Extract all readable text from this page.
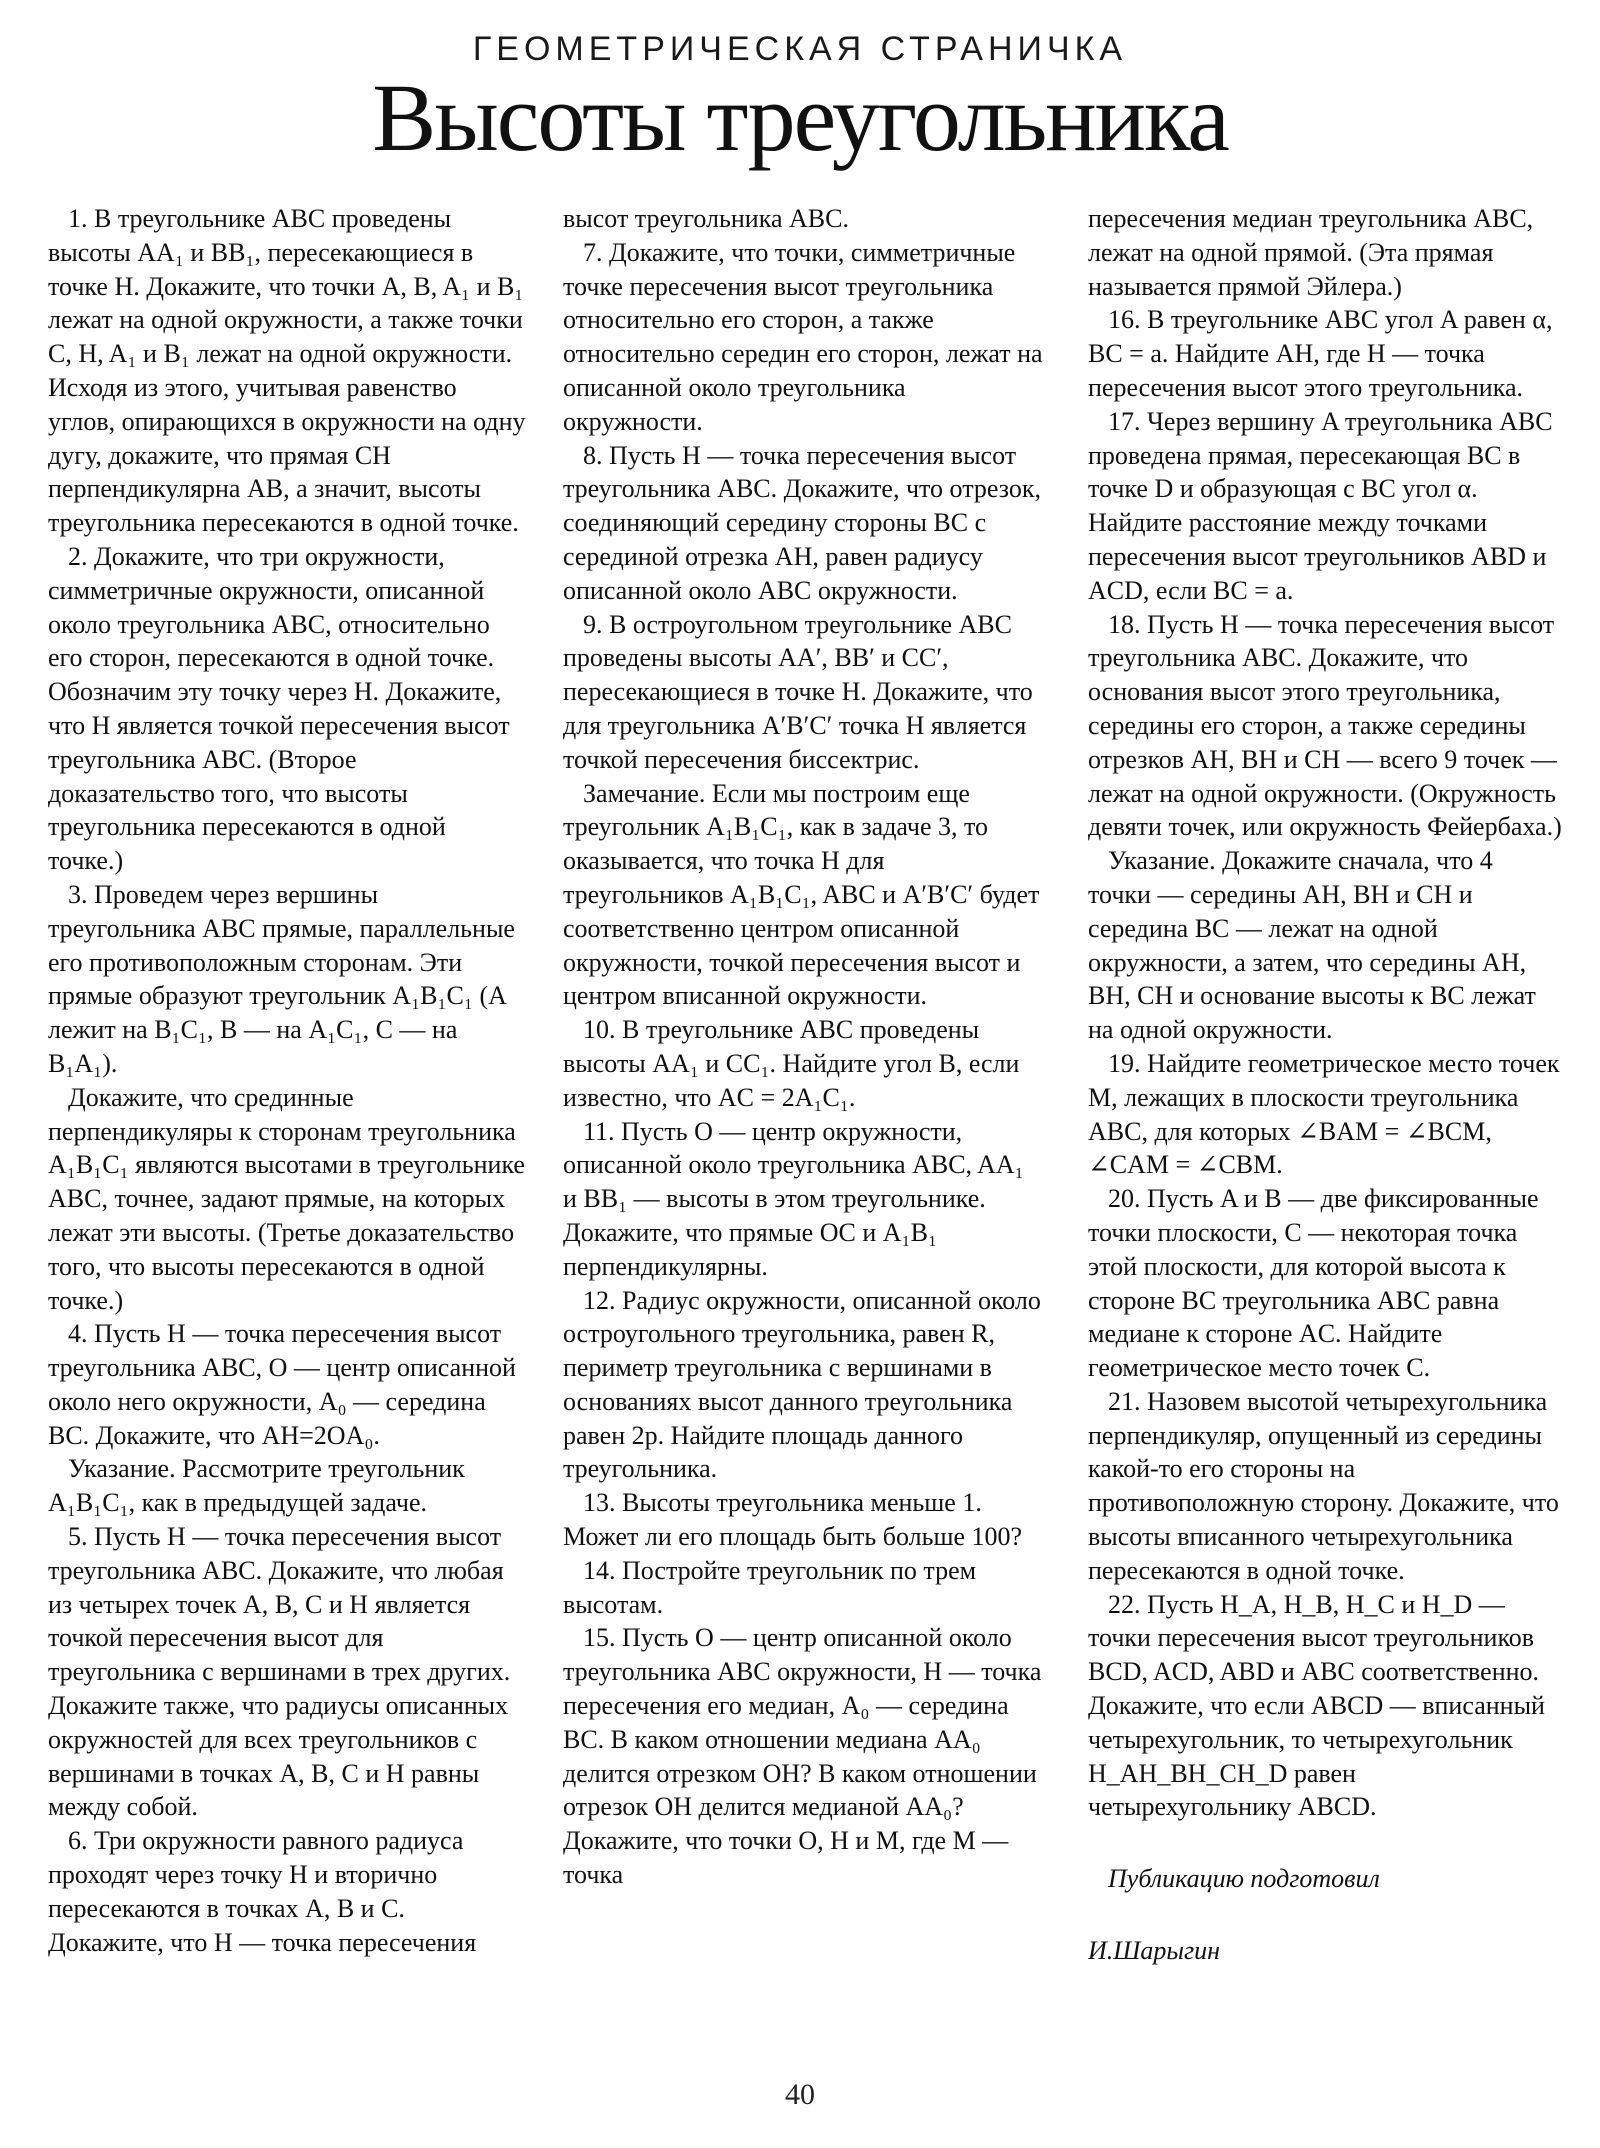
ГЕОМЕТРИЧЕСКАЯ СТРАНИЧКА
Высоты треугольника

1. В треугольнике ABC проведены высоты AA₁ и BB₁, пересекающиеся в точке H. Докажите, что точки A, B, A₁ и B₁ лежат на одной окружности, а также точки C, H, A₁ и B₁ лежат на одной окружности. Исходя из этого, учитывая равенство углов, опирающихся в окружности на одну дугу, докажите, что прямая CH перпендикулярна AB, а значит, высоты треугольника пересекаются в одной точке.

2. Докажите, что три окружности, симметричные окружности, описанной около треугольника ABC, относительно его сторон, пересекаются в одной точке. Обозначим эту точку через H. Докажите, что H является точкой пересечения высот треугольника ABC. (Второе доказательство того, что высоты треугольника пересекаются в одной точке.)

3. Проведем через вершины треугольника ABC прямые, параллельные его противоположным сторонам. Эти прямые образуют треугольник A₁B₁C₁ (A лежит на B₁C₁, B — на A₁C₁, C — на B₁A₁).

Докажите, что срединные перпендикуляры к сторонам треугольника A₁B₁C₁ являются высотами в треугольнике ABC, точнее, задают прямые, на которых лежат эти высоты. (Третье доказательство того, что высоты пересекаются в одной точке.)

4. Пусть H — точка пересечения высот треугольника ABC, O — центр описанной около него окружности, A₀ — середина BC. Докажите, что AH=2OA₀.

Указание. Рассмотрите треугольник A₁B₁C₁, как в предыдущей задаче.

5. Пусть H — точка пересечения высот треугольника ABC. Докажите, что любая из четырех точек A, B, C и H является точкой пересечения высот для треугольника с вершинами в трех других. Докажите также, что радиусы описанных окружностей для всех треугольников с вершинами в точках A, B, C и H равны между собой.

6. Три окружности равного радиуса проходят через точку H и вторично пересекаются в точках A, B и C. Докажите, что H — точка пересечения

высот треугольника ABC.

7. Докажите, что точки, симметричные точке пересечения высот треугольника относительно его сторон, а также относительно середин его сторон, лежат на описанной около треугольника окружности.

8. Пусть H — точка пересечения высот треугольника ABC. Докажите, что отрезок, соединяющий середину стороны BC с серединой отрезка AH, равен радиусу описанной около ABC окружности.

9. В остроугольном треугольнике ABC проведены высоты AA′, BB′ и CC′, пересекающиеся в точке H. Докажите, что для треугольника A′B′C′ точка H является точкой пересечения биссектрис.

Замечание. Если мы построим еще треугольник A₁B₁C₁, как в задаче 3, то оказывается, что точка H для треугольников A₁B₁C₁, ABC и A′B′C′ будет соответственно центром описанной окружности, точкой пересечения высот и центром вписанной окружности.

10. В треугольнике ABC проведены высоты AA₁ и CC₁. Найдите угол B, если известно, что AC = 2A₁C₁.

11. Пусть O — центр окружности, описанной около треугольника ABC, AA₁ и BB₁ — высоты в этом треугольнике. Докажите, что прямые OC и A₁B₁ перпендикулярны.

12. Радиус окружности, описанной около остроугольного треугольника, равен R, периметр треугольника с вершинами в основаниях высот данного треугольника равен 2p. Найдите площадь данного треугольника.

13. Высоты треугольника меньше 1. Может ли его площадь быть больше 100?

14. Постройте треугольник по трем высотам.

15. Пусть O — центр описанной около треугольника ABC окружности, H — точка пересечения его медиан, A₀ — середина BC. В каком отношении медиана AA₀ делится отрезком OH? В каком отношении отрезок OH делится медианой AA₀? Докажите, что точки O, H и M, где M — точка

пересечения медиан треугольника ABC, лежат на одной прямой. (Эта прямая называется прямой Эйлера.)

16. В треугольнике ABC угол A равен α, BC = a. Найдите AH, где H — точка пересечения высот этого треугольника.

17. Через вершину A треугольника ABC проведена прямая, пересекающая BC в точке D и образующая с BC угол α. Найдите расстояние между точками пересечения высот треугольников ABD и ACD, если BC = a.

18. Пусть H — точка пересечения высот треугольника ABC. Докажите, что основания высот этого треугольника, середины его сторон, а также середины отрезков AH, BH и CH — всего 9 точек — лежат на одной окружности. (Окружность девяти точек, или окружность Фейербаха.)

Указание. Докажите сначала, что 4 точки — середины AH, BH и CH и середина BC — лежат на одной окружности, а затем, что середины AH, BH, CH и основание высоты к BC лежат на одной окружности.

19. Найдите геометрическое место точек M, лежащих в плоскости треугольника ABC, для которых ∠BAM = ∠BCM, ∠CAM = ∠CBM.

20. Пусть A и B — две фиксированные точки плоскости, C — некоторая точка этой плоскости, для которой высота к стороне BC треугольника ABC равна медиане к стороне AC. Найдите геометрическое место точек C.

21. Назовем высотой четырехугольника перпендикуляр, опущенный из середины какой-то его стороны на противоположную сторону. Докажите, что высоты вписанного четырехугольника пересекаются в одной точке.

22. Пусть H_A, H_B, H_C и H_D — точки пересечения высот треугольников BCD, ACD, ABD и ABC соответственно. Докажите, что если ABCD — вписанный четырехугольник, то четырехугольник H_AH_BH_CH_D равен четырехугольнику ABCD.

Публикацию подготовил

И.Шарыгин

40
